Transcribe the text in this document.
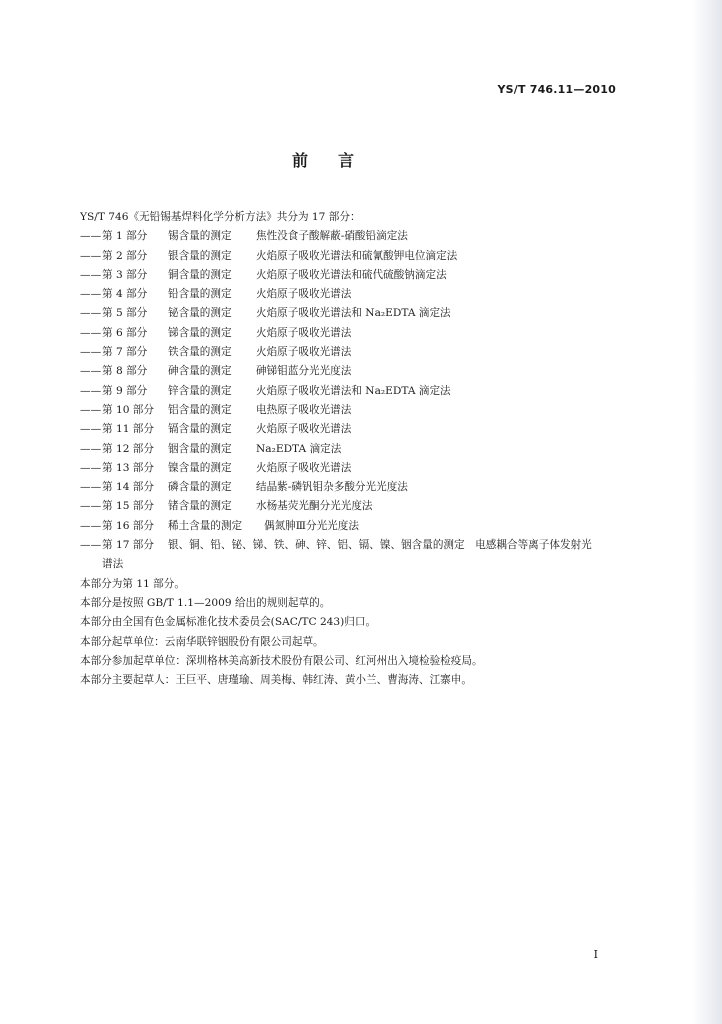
YS/T 746.11—2010
前言
YS/T 746《无铅锡基焊料化学分析方法》共分为 17 部分：
——第 1 部分 锡含量的测定 焦性没食子酸解蔽-硝酸铅滴定法
——第 2 部分 银含量的测定 火焰原子吸收光谱法和硫氰酸钾电位滴定法
——第 3 部分 铜含量的测定 火焰原子吸收光谱法和硫代硫酸钠滴定法
——第 4 部分 铅含量的测定 火焰原子吸收光谱法
——第 5 部分 铋含量的测定 火焰原子吸收光谱法和 Na₂EDTA 滴定法
——第 6 部分 锑含量的测定 火焰原子吸收光谱法
——第 7 部分 铁含量的测定 火焰原子吸收光谱法
——第 8 部分 砷含量的测定 砷锑钼蓝分光光度法
——第 9 部分 锌含量的测定 火焰原子吸收光谱法和 Na₂EDTA 滴定法
——第 10 部分 铝含量的测定 电热原子吸收光谱法
——第 11 部分 镉含量的测定 火焰原子吸收光谱法
——第 12 部分 铟含量的测定 Na₂EDTA 滴定法
——第 13 部分 镍含量的测定 火焰原子吸收光谱法
——第 14 部分 磷含量的测定 结晶紫-磷钒钼杂多酸分光光度法
——第 15 部分 锗含量的测定 水杨基荧光酮分光光度法
——第 16 部分 稀土含量的测定 偶氮胂Ⅲ分光光度法
——第 17 部分 银、铜、铅、铋、锑、铁、砷、锌、铝、镉、镍、铟含量的测定　电感耦合等离子体发射光
谱法
本部分为第 11 部分。
本部分是按照 GB/T 1.1—2009 给出的规则起草的。
本部分由全国有色金属标准化技术委员会(SAC/TC 243)归口。
本部分起草单位：云南华联锌铟股份有限公司起草。
本部分参加起草单位：深圳格林美高新技术股份有限公司、红河州出入境检验检疫局。
本部分主要起草人：王巨平、唐瑾瑜、周美梅、韩红涛、黄小兰、曹海涛、江寨申。
I
